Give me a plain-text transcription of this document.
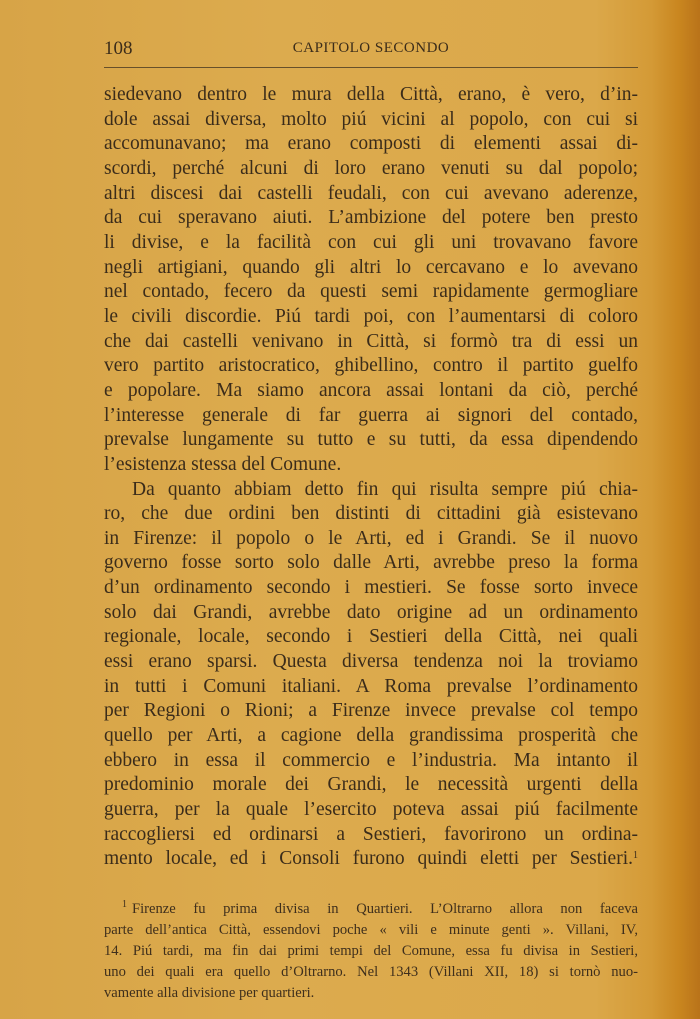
108	CAPITOLO SECONDO
siedevano dentro le mura della Città, erano, è vero, d’in-
dole assai diversa, molto piú vicini al popolo, con cui si
accomunavano; ma erano composti di elementi assai di-
scordi, perché alcuni di loro erano venuti su dal popolo;
altri discesi dai castelli feudali, con cui avevano aderenze,
da cui speravano aiuti. L’ambizione del potere ben presto
li divise, e la facilità con cui gli uni trovavano favore
negli artigiani, quando gli altri lo cercavano e lo avevano
nel contado, fecero da questi semi rapidamente germogliare
le civili discordie. Piú tardi poi, con l’aumentarsi di coloro
che dai castelli venivano in Città, si formò tra di essi un
vero partito aristocratico, ghibellino, contro il partito guelfo
e popolare. Ma siamo ancora assai lontani da ciò, perché
l’interesse generale di far guerra ai signori del contado,
prevalse lungamente su tutto e su tutti, da essa dipendendo
l’esistenza stessa del Comune.
Da quanto abbiam detto fin qui risulta sempre piú chia-
ro, che due ordini ben distinti di cittadini già esistevano
in Firenze: il popolo o le Arti, ed i Grandi. Se il nuovo
governo fosse sorto solo dalle Arti, avrebbe preso la forma
d’un ordinamento secondo i mestieri. Se fosse sorto invece
solo dai Grandi, avrebbe dato origine ad un ordinamento
regionale, locale, secondo i Sestieri della Città, nei quali
essi erano sparsi. Questa diversa tendenza noi la troviamo
in tutti i Comuni italiani. A Roma prevalse l’ordinamento
per Regioni o Rioni; a Firenze invece prevalse col tempo
quello per Arti, a cagione della grandissima prosperità che
ebbero in essa il commercio e l’industria. Ma intanto il
predominio morale dei Grandi, le necessità urgenti della
guerra, per la quale l’esercito poteva assai piú facilmente
raccogliersi ed ordinarsi a Sestieri, favorirono un ordina-
mento locale, ed i Consoli furono quindi eletti per Sestieri.$^1$
$^1$ Firenze fu prima divisa in Quartieri. L’Oltrarno allora non faceva
parte dell’antica Città, essendovi poche « vili e minute genti ». Villani, IV,
14. Piú tardi, ma fin dai primi tempi del Comune, essa fu divisa in Sestieri,
uno dei quali era quello d’Oltrarno. Nel 1343 (Villani XII, 18) si tornò nuo-
vamente alla divisione per quartieri.
